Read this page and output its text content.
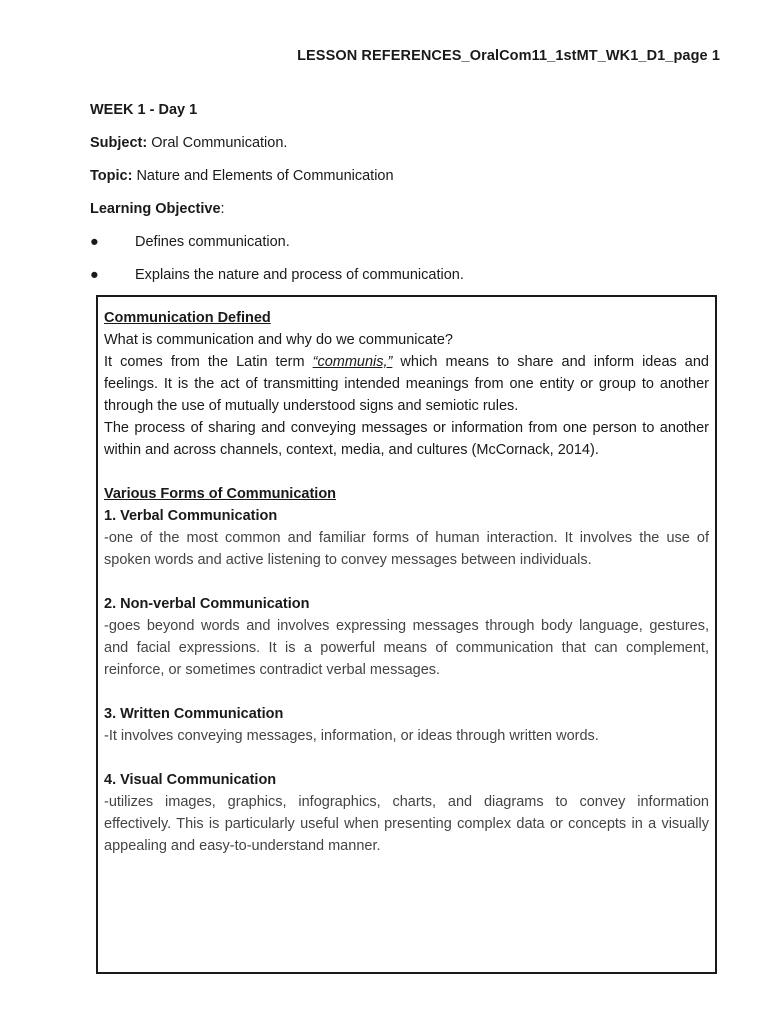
LESSON REFERENCES_OralCom11_1stMT_WK1_D1_page 1
WEEK 1 - Day 1
Subject: Oral Communication.
Topic: Nature and Elements of Communication
Learning Objective:
●	Defines communication.
●	Explains the nature and process of communication.

Communication Defined

What is communication and why do we communicate?

It comes from the Latin term “communis,” which means to share and inform ideas and feelings. It is the act of transmitting intended meanings from one entity or group to another through the use of mutually understood signs and semiotic rules.

The process of sharing and conveying messages or information from one person to another within and across channels, context, media, and cultures (McCornack, 2014).

Various Forms of Communication

1. Verbal Communication

-one of the most common and familiar forms of human interaction. It involves the use of spoken words and active listening to convey messages between individuals.

2. Non-verbal Communication

-goes beyond words and involves expressing messages through body language, gestures, and facial expressions. It is a powerful means of communication that can complement, reinforce, or sometimes contradict verbal messages.

3. Written Communication

-It involves conveying messages, information, or ideas through written words.

4. Visual Communication

-utilizes images, graphics, infographics, charts, and diagrams to convey information effectively. This is particularly useful when presenting complex data or concepts in a visually appealing and easy-to-understand manner.
